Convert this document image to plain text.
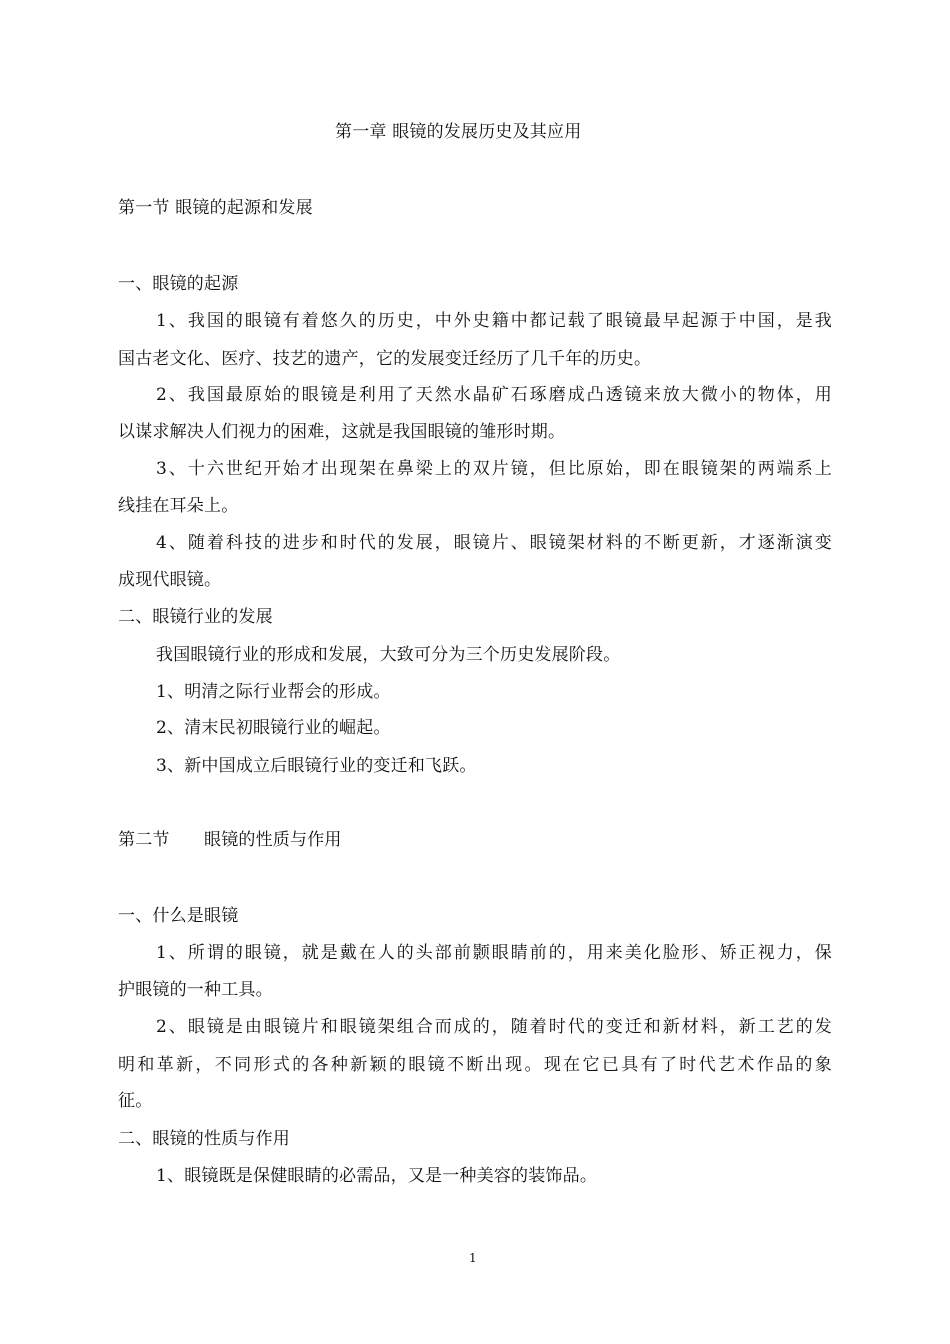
第一章 眼镜的发展历史及其应用
第一节 眼镜的起源和发展
一、眼镜的起源
1、我国的眼镜有着悠久的历史，中外史籍中都记载了眼镜最早起源于中国，是我
国古老文化、医疗、技艺的遗产，它的发展变迁经历了几千年的历史。
2、我国最原始的眼镜是利用了天然水晶矿石琢磨成凸透镜来放大微小的物体，用
以谋求解决人们视力的困难，这就是我国眼镜的雏形时期。
3、十六世纪开始才出现架在鼻梁上的双片镜，但比原始，即在眼镜架的两端系上
线挂在耳朵上。
4、随着科技的进步和时代的发展，眼镜片、眼镜架材料的不断更新，才逐渐演变
成现代眼镜。
二、眼镜行业的发展
我国眼镜行业的形成和发展，大致可分为三个历史发展阶段。
1、明清之际行业帮会的形成。
2、清末民初眼镜行业的崛起。
3、新中国成立后眼镜行业的变迁和飞跃。
第二节　　眼镜的性质与作用
一、什么是眼镜
1、所谓的眼镜，就是戴在人的头部前颢眼睛前的，用来美化脸形、矫正视力，保
护眼镜的一种工具。
2、眼镜是由眼镜片和眼镜架组合而成的，随着时代的变迁和新材料，新工艺的发
明和革新，不同形式的各种新颖的眼镜不断出现。现在它已具有了时代艺术作品的象
征。
二、眼镜的性质与作用
1、眼镜既是保健眼睛的必需品，又是一种美容的装饰品。
1
